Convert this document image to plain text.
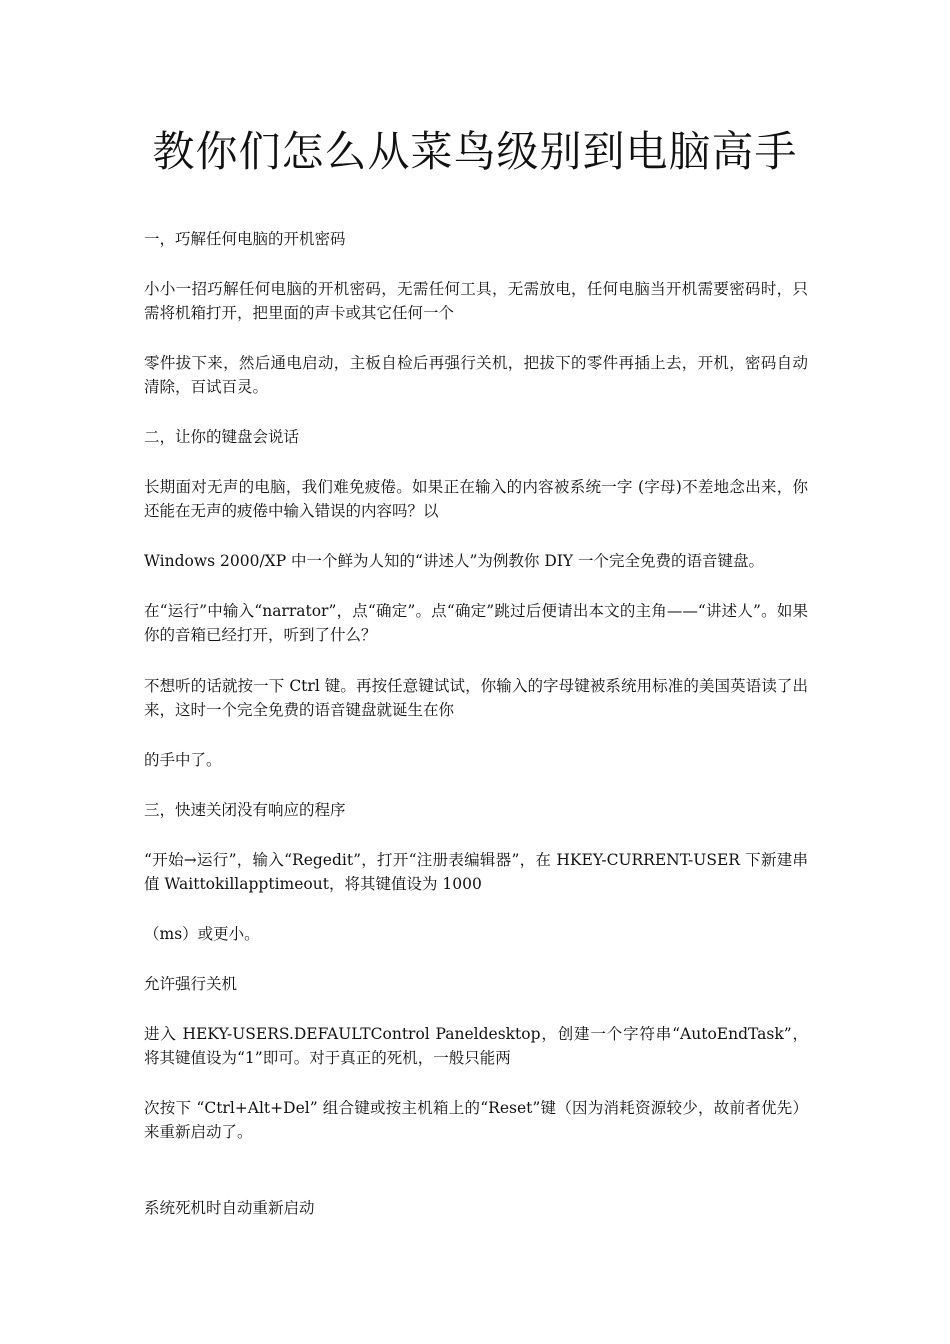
教你们怎么从菜鸟级别到电脑高手

一，巧解任何电脑的开机密码

小小一招巧解任何电脑的开机密码，无需任何工具，无需放电，任何电脑当开机需要密码时，只需将机箱打开，把里面的声卡或其它任何一个

零件拔下来，然后通电启动，主板自检后再强行关机，把拔下的零件再插上去，开机，密码自动清除，百试百灵。

二，让你的键盘会说话

长期面对无声的电脑，我们难免疲倦。如果正在输入的内容被系统一字 (字母)不差地念出来，你还能在无声的疲倦中输入错误的内容吗？以

Windows 2000/XP 中一个鲜为人知的“讲述人”为例教你 DIY 一个完全免费的语音键盘。

在“运行”中输入“narrator”，点“确定”。点“确定”跳过后便请出本文的主角——“讲述人”。如果你的音箱已经打开，听到了什么？

不想听的话就按一下 Ctrl 键。再按任意键试试，你输入的字母键被系统用标准的美国英语读了出来，这时一个完全免费的语音键盘就诞生在你

的手中了。

三，快速关闭没有响应的程序

“开始→运行”，输入“Regedit”，打开“注册表编辑器”，在 HKEY-CURRENT-USER 下新建串值 Waittokillapptimeout，将其键值设为 1000

（ms）或更小。

允许强行关机

进入 HEKY-USERS.DEFAULTControl Paneldesktop，创建一个字符串“AutoEndTask”，将其键值设为“1”即可。对于真正的死机，一般只能两

次按下 “Ctrl+Alt+Del” 组合键或按主机箱上的“Reset”键（因为消耗资源较少，故前者优先）来重新启动了。

系统死机时自动重新启动
